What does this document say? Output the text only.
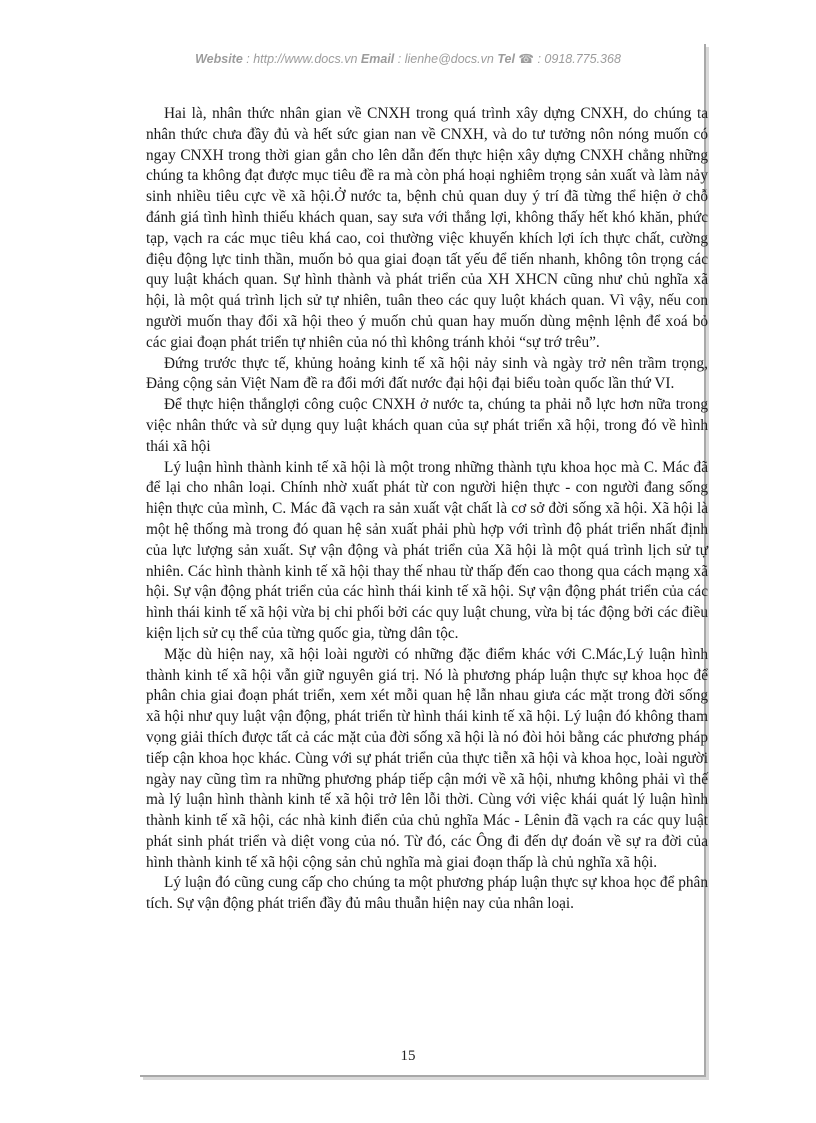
Website : http://www.docs.vn Email : lienhe@docs.vn Tel ☎ : 0918.775.368

Hai là, nhân thức nhân gian về CNXH trong quá trình xây dựng CNXH, do chúng ta nhân thức chưa đầy đủ và hết sức gian nan về CNXH, và do tư tưởng nôn nóng muốn có ngay CNXH trong thời gian gắn cho lên dẫn đến thực hiện xây dựng CNXH chẳng những chúng ta không đạt được mục tiêu đề ra mà còn phá hoại nghiêm trọng sản xuất và làm nảy sinh nhiều tiêu cực về xã hội.Ở nước ta, bệnh chủ quan duy ý trí đã từng thể hiện ở chỗ đánh giá tình hình thiếu khách quan, say sưa với thắng lợi, không thấy hết khó khăn, phức tạp, vạch ra các mục tiêu khá cao, coi thường việc khuyến khích lợi ích thực chất, cường điệu động lực tinh thần, muốn bỏ qua giai đoạn tất yếu để tiến nhanh, không tôn trọng các quy luật khách quan. Sự hình thành và phát triển của XH XHCN cũng như chủ nghĩa xã hội, là một quá trình lịch sử tự nhiên, tuân theo các quy luột khách quan. Vì vậy, nếu con người muốn thay đổi xã hội theo ý muốn chủ quan hay muốn dùng mệnh lệnh để xoá bỏ các giai đoạn phát triển tự nhiên của nó thì không tránh khỏi “sự trớ trêu”.

Đứng trước thực tế, khủng hoảng kinh tế xã hội nảy sinh và ngày trở nên trầm trọng, Đảng cộng sản Việt Nam đề ra đổi mới đất nước đại hội đại biểu toàn quốc lần thứ VI.

Để thực hiện thắnglợi công cuộc CNXH ở nước ta, chúng ta phải nỗ lực hơn nữa trong việc nhân thức và sử dụng quy luật khách quan của sự phát triển xã hội, trong đó về hình thái xã hội

Lý luận hình thành kinh tế xã hội là một trong những thành tựu khoa học mà C. Mác đã để lại cho nhân loại. Chính nhờ xuất phát từ con người hiện thực - con người đang sống hiện thực của mình, C. Mác đã vạch ra sản xuất vật chất là cơ sở đời sống xã hội. Xã hội là một hệ thống mà trong đó quan hệ sản xuất phải phù hợp với trình độ phát triển nhất định của lực lượng sản xuất. Sự vận động và phát triển của Xã hội là một quá trình lịch sử tự nhiên. Các hình thành kinh tế xã hội thay thế nhau từ thấp đến cao thong qua cách mạng xã hội. Sự vận động phát triển của các hình thái kinh tế xã hội. Sự vận động phát triển của các hình thái kinh tế xã hội vừa bị chi phối bởi các quy luật chung, vừa bị tác động bởi các điều kiện lịch sử cụ thể của từng quốc gia, từng dân tộc.

Mặc dù hiện nay, xã hội loài người có những đặc điểm khác với C.Mác,Lý luận hình thành kinh tế xã hội vẫn giữ nguyên giá trị. Nó là phương pháp luận thực sự khoa học để phân chia giai đoạn phát triển, xem xét mỗi quan hệ lẫn nhau giưa các mặt trong đời sống xã hội như quy luật vận động, phát triển từ hình thái kinh tế xã hội. Lý luận đó không tham vọng giải thích được tất cả các mặt của đời sống xã hội là nó đòi hỏi bằng các phương pháp tiếp cận khoa học khác. Cùng với sự phát triển của thực tiễn xã hội và khoa học, loài người ngày nay cũng tìm ra những phương pháp tiếp cận mới về xã hội, nhưng không phải vì thế mà lý luận hình thành kinh tế xã hội trở lên lỗi thời. Cùng với việc khái quát lý luận hình thành kinh tế xã hội, các nhà kinh điển của chủ nghĩa Mác - Lênin đã vạch ra các quy luật phát sinh phát triển và diệt vong của nó. Từ đó, các Ông đi đến dự đoán về sự ra đời của hình thành kinh tế xã hội cộng sản chủ nghĩa mà giai đoạn thấp là chủ nghĩa xã hội.

Lý luận đó cũng cung cấp cho chúng ta một phương pháp luận thực sự khoa học để phân tích. Sự vận động phát triển đầy đủ mâu thuẫn hiện nay của nhân loại.

15
